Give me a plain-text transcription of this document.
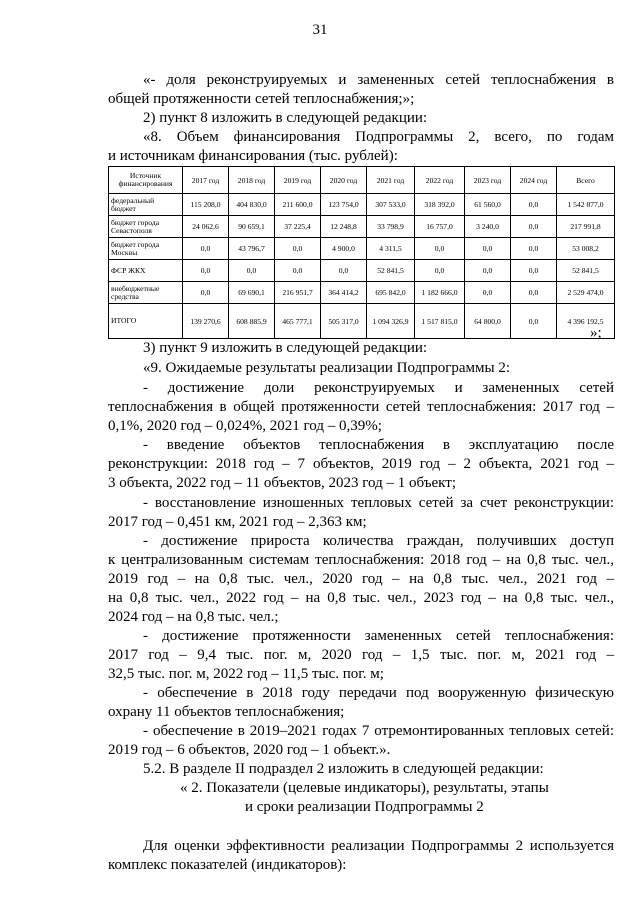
31
«- доля реконструируемых и замененных сетей теплоснабжения в
общей протяженности сетей теплоснабжения;»;
2) пункт 8 изложить в следующей редакции:
«8. Объем финансирования Подпрограммы 2, всего, по годам
и источникам финансирования (тыс. рублей):
Источник финансирования	2017 год	2018 год	2019 год	2020 год	2021 год	2022 год	2023 год	2024 год	Всего
федеральный бюджет	115 208,0	404 830,0	211 600,0	123 754,0	307 533,0	318 392,0	61 560,0	0,0	1 542 877,0
бюджет города Севастополя	24 062,6	90 659,1	37 225,4	12 248,8	33 798,9	16 757,0	3 240,0	0,0	217 991,8
бюджет города Москвы	0,0	43 796,7	0,0	4 900,0	4 311,5	0,0	0,0	0,0	53 008,2
ФСР ЖКХ	0,0	0,0	0,0	0,0	52 841,5	0,0	0,0	0,0	52 841,5
внебюджетные средства	0,0	69 690,1	216 951,7	364 414,2	695 842,0	1 182 666,0	0,0	0,0	2 529 474,0
ИТОГО	139 270,6	608 885,9	465 777,1	505 317,0	1 094 326,9	1 517 815,0	64 800,0	0,0	4 396 192,5
»;
3) пункт 9 изложить в следующей редакции:
«9. Ожидаемые результаты реализации Подпрограммы 2:
- достижение доли реконструируемых и замененных сетей
теплоснабжения в общей протяженности сетей теплоснабжения: 2017 год –
0,1%, 2020 год – 0,024%, 2021 год – 0,39%;
- введение объектов теплоснабжения в эксплуатацию после
реконструкции: 2018 год – 7 объектов, 2019 год – 2 объекта, 2021 год –
3 объекта, 2022 год – 11 объектов, 2023 год – 1 объект;
- восстановление изношенных тепловых сетей за счет реконструкции:
2017 год – 0,451 км, 2021 год – 2,363 км;
- достижение прироста количества граждан, получивших доступ
к централизованным системам теплоснабжения: 2018 год – на 0,8 тыс. чел.,
2019 год – на 0,8 тыс. чел., 2020 год – на 0,8 тыс. чел., 2021 год –
на 0,8 тыс. чел., 2022 год – на 0,8 тыс. чел., 2023 год – на 0,8 тыс. чел.,
2024 год – на 0,8 тыс. чел.;
- достижение протяженности замененных сетей теплоснабжения:
2017 год – 9,4 тыс. пог. м, 2020 год – 1,5 тыс. пог. м, 2021 год –
32,5 тыс. пог. м, 2022 год – 11,5 тыс. пог. м;
- обеспечение в 2018 году передачи под вооруженную физическую
охрану 11 объектов теплоснабжения;
- обеспечение в 2019–2021 годах 7 отремонтированных тепловых сетей:
2019 год – 6 объектов, 2020 год – 1 объект.».
5.2. В разделе II подраздел 2 изложить в следующей редакции:
« 2. Показатели (целевые индикаторы), результаты, этапы
и сроки реализации Подпрограммы 2
Для оценки эффективности реализации Подпрограммы 2 используется
комплекс показателей (индикаторов):
